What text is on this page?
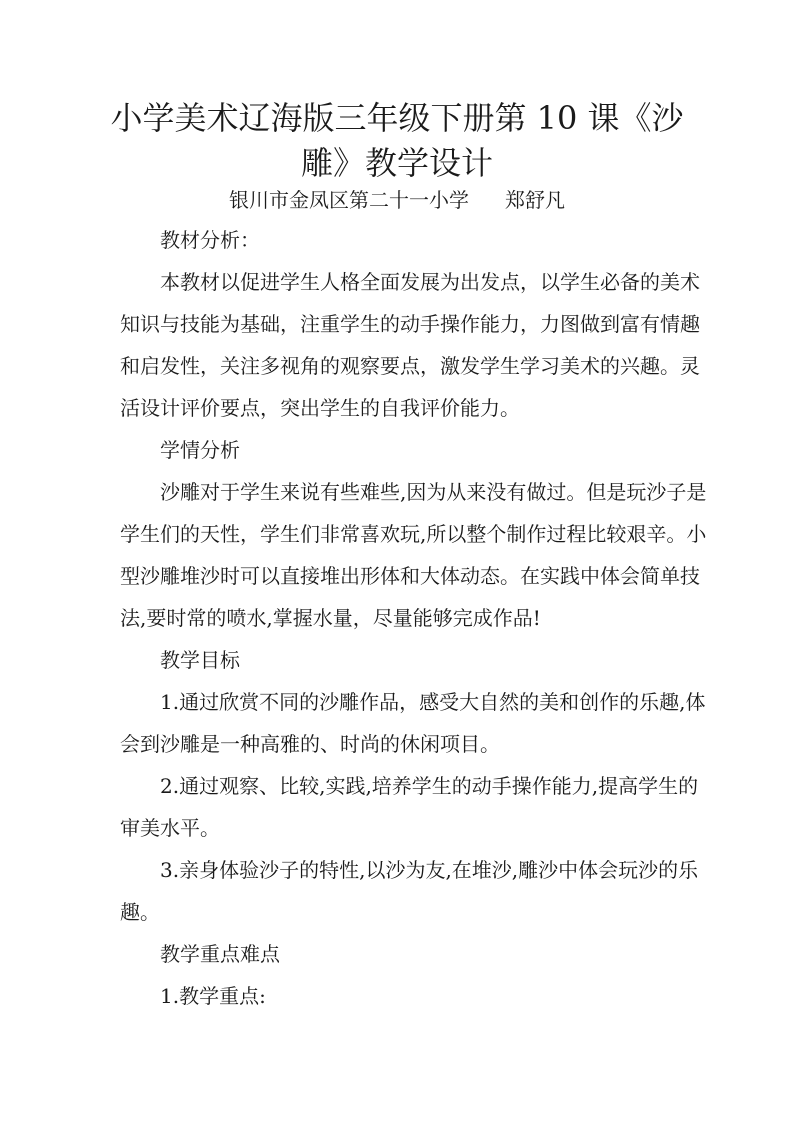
小学美术辽海版三年级下册第 10 课《沙
雕》教学设计
银川市金凤区第二十一小学 郑舒凡
教材分析：
本教材以促进学生人格全面发展为出发点，以学生必备的美术
知识与技能为基础，注重学生的动手操作能力，力图做到富有情趣
和启发性，关注多视角的观察要点，激发学生学习美术的兴趣。灵
活设计评价要点，突出学生的自我评价能力。
学情分析
沙雕对于学生来说有些难些,因为从来没有做过。但是玩沙子是
学生们的天性，学生们非常喜欢玩,所以整个制作过程比较艰辛。小
型沙雕堆沙时可以直接堆出形体和大体动态。在实践中体会简单技
法,要时常的喷水,掌握水量，尽量能够完成作品!
教学目标
1.通过欣赏不同的沙雕作品，感受大自然的美和创作的乐趣,体
会到沙雕是一种高雅的、时尚的休闲项目。
2.通过观察、比较,实践,培养学生的动手操作能力,提高学生的
审美水平。
3.亲身体验沙子的特性,以沙为友,在堆沙,雕沙中体会玩沙的乐
趣。
教学重点难点
1.教学重点:
